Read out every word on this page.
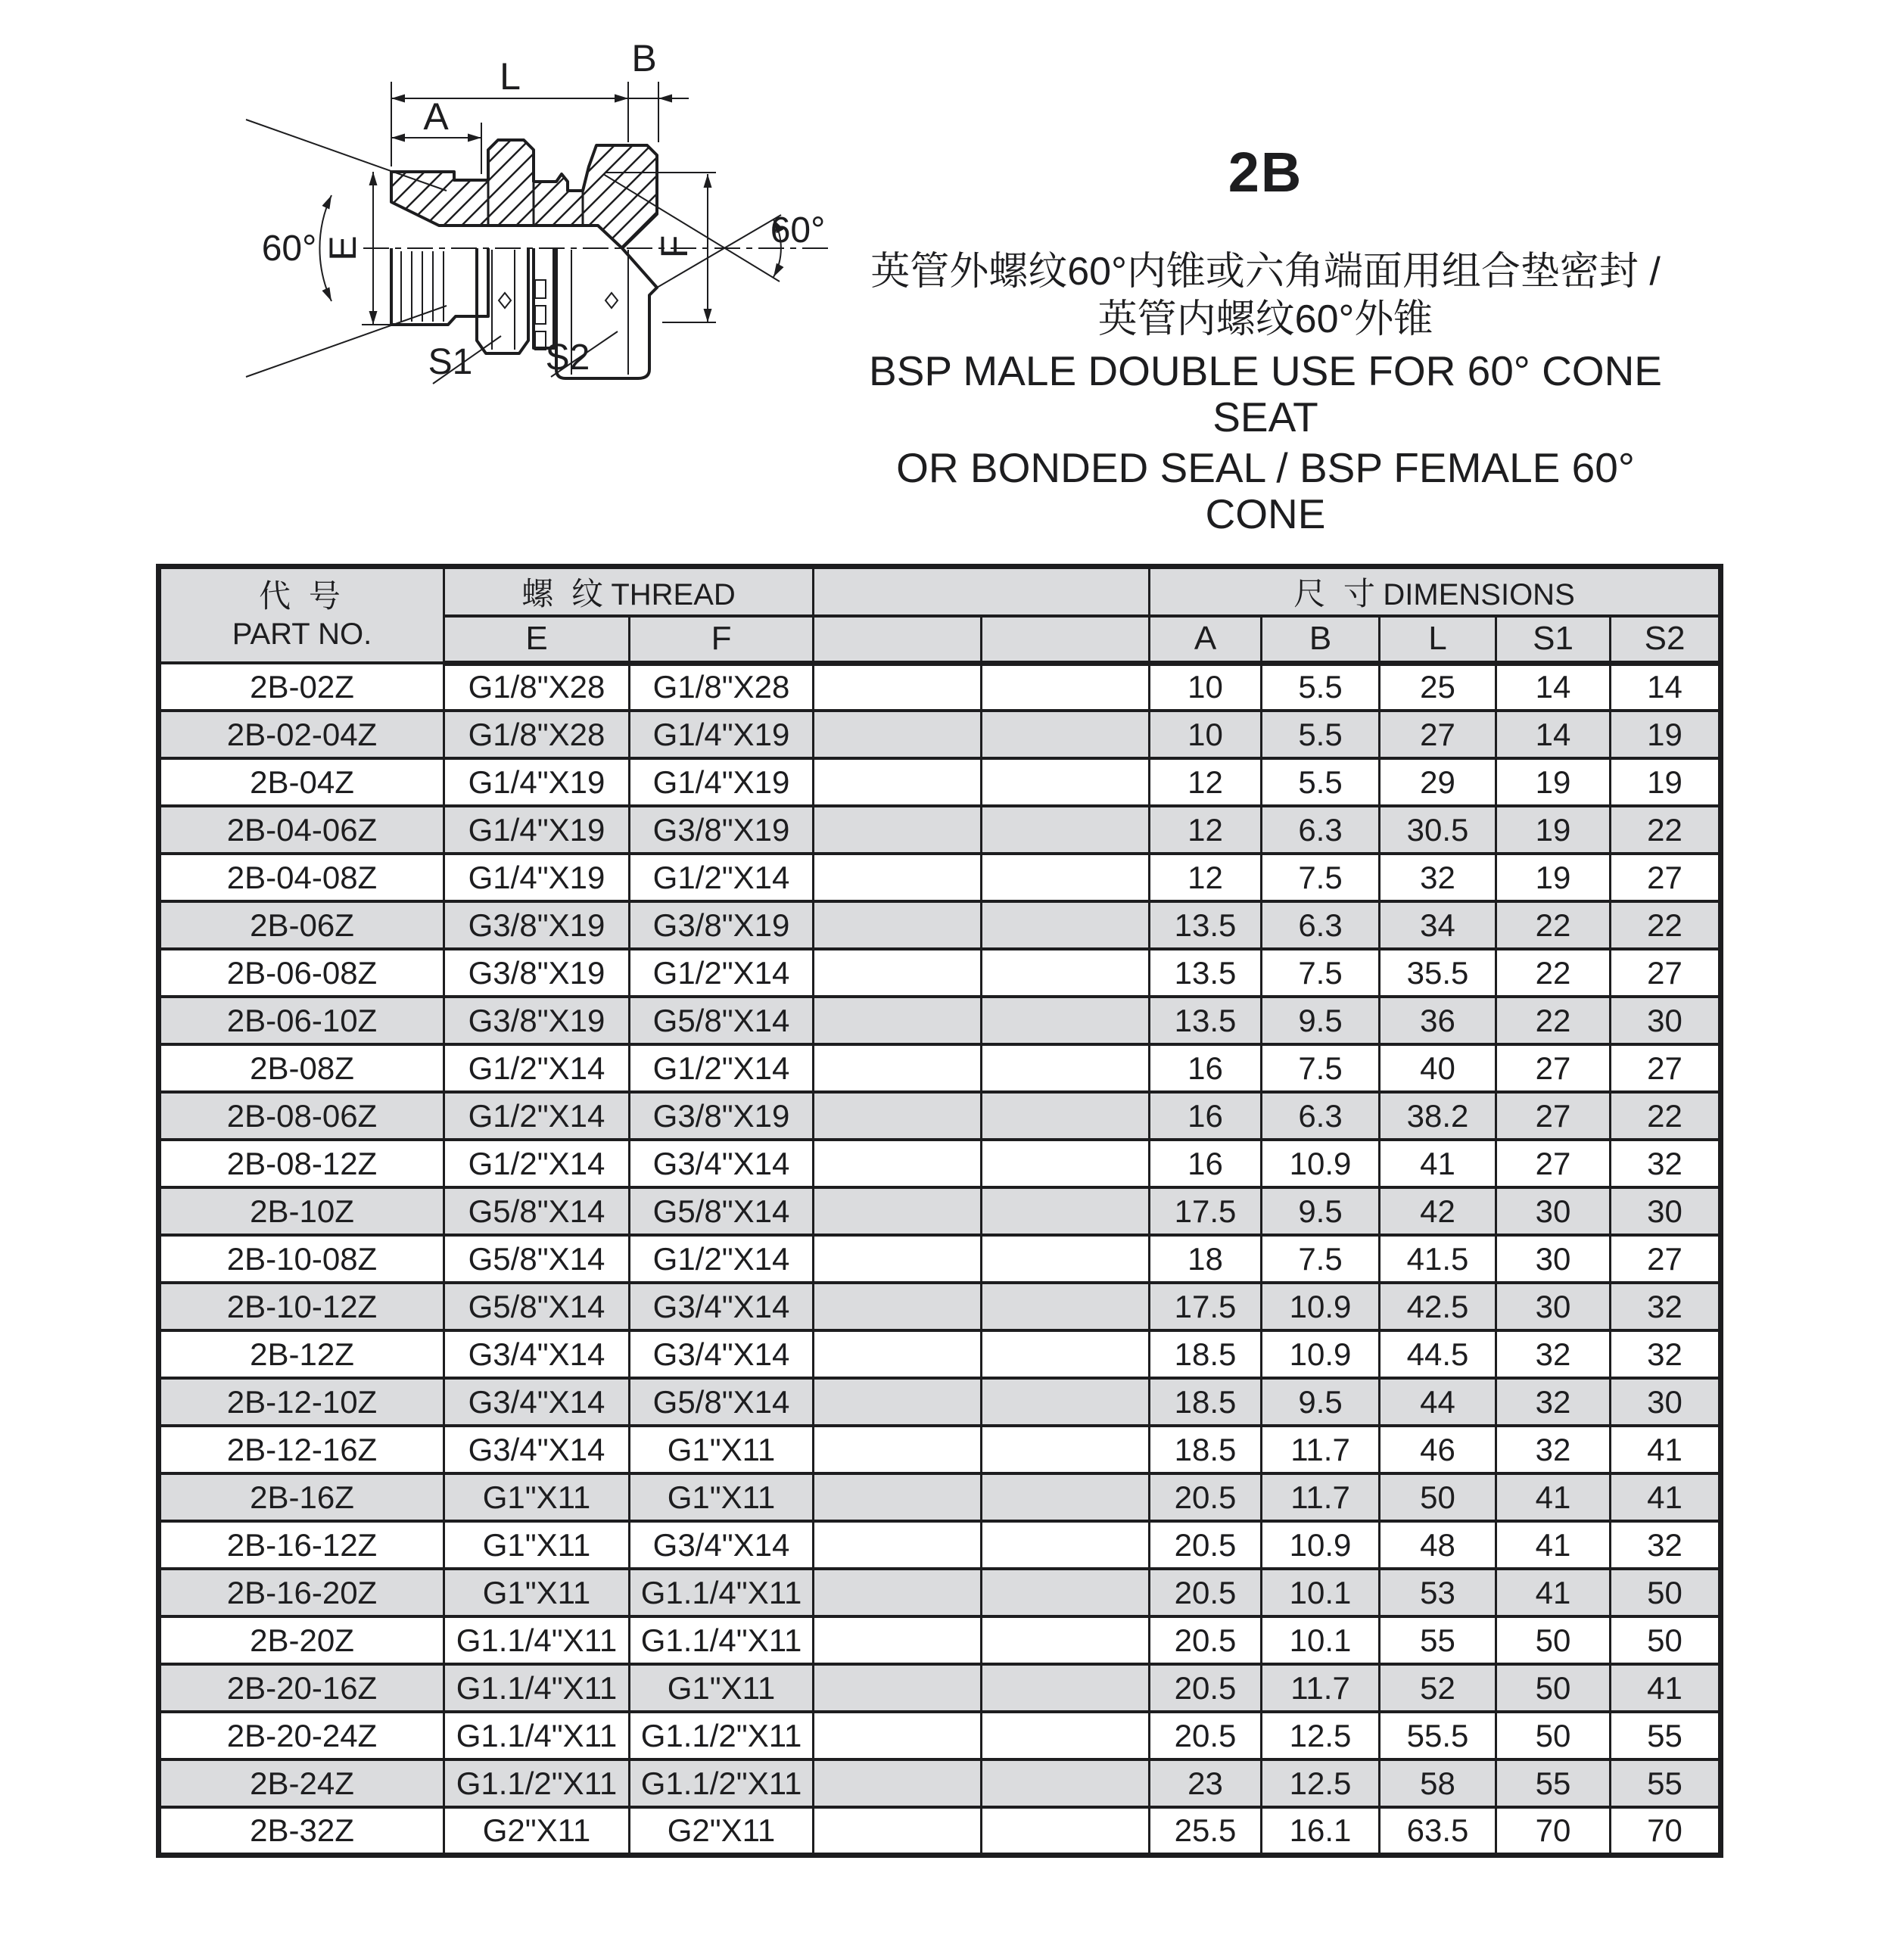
L	B
A
E	F
60°	60°
S1 S2
2B
英管外螺纹60°内锥或六角端面用组合垫密封 /
英管内螺纹60°外锥
BSP MALE DOUBLE USE FOR 60° CONE SEAT
OR BONDED SEAL / BSP FEMALE 60° CONE
代 号
PART NO.	螺 纹 THREAD				尺 寸 DIMENSIONS				
	E	F			A	B	L	S1	S2
2B-02Z	G1/8"X28	G1/8"X28			10	5.5	25	14	14
2B-02-04Z	G1/8"X28	G1/4"X19			10	5.5	27	14	19
2B-04Z	G1/4"X19	G1/4"X19			12	5.5	29	19	19
2B-04-06Z	G1/4"X19	G3/8"X19			12	6.3	30.5	19	22
2B-04-08Z	G1/4"X19	G1/2"X14			12	7.5	32	19	27
2B-06Z	G3/8"X19	G3/8"X19			13.5	6.3	34	22	22
2B-06-08Z	G3/8"X19	G1/2"X14			13.5	7.5	35.5	22	27
2B-06-10Z	G3/8"X19	G5/8"X14			13.5	9.5	36	22	30
2B-08Z	G1/2"X14	G1/2"X14			16	7.5	40	27	27
2B-08-06Z	G1/2"X14	G3/8"X19			16	6.3	38.2	27	22
2B-08-12Z	G1/2"X14	G3/4"X14			16	10.9	41	27	32
2B-10Z	G5/8"X14	G5/8"X14			17.5	9.5	42	30	30
2B-10-08Z	G5/8"X14	G1/2"X14			18	7.5	41.5	30	27
2B-10-12Z	G5/8"X14	G3/4"X14			17.5	10.9	42.5	30	32
2B-12Z	G3/4"X14	G3/4"X14			18.5	10.9	44.5	32	32
2B-12-10Z	G3/4"X14	G5/8"X14			18.5	9.5	44	32	30
2B-12-16Z	G3/4"X14	G1"X11			18.5	11.7	46	32	41
2B-16Z	G1"X11	G1"X11			20.5	11.7	50	41	41
2B-16-12Z	G1"X11	G3/4"X14			20.5	10.9	48	41	32
2B-16-20Z	G1"X11	G1.1/4"X11			20.5	10.1	53	41	50
2B-20Z	G1.1/4"X11	G1.1/4"X11			20.5	10.1	55	50	50
2B-20-16Z	G1.1/4"X11	G1"X11			20.5	11.7	52	50	41
2B-20-24Z	G1.1/4"X11	G1.1/2"X11			20.5	12.5	55.5	50	55
2B-24Z	G1.1/2"X11	G1.1/2"X11			23	12.5	58	55	55
2B-32Z	G2"X11	G2"X11			25.5	16.1	63.5	70	70
